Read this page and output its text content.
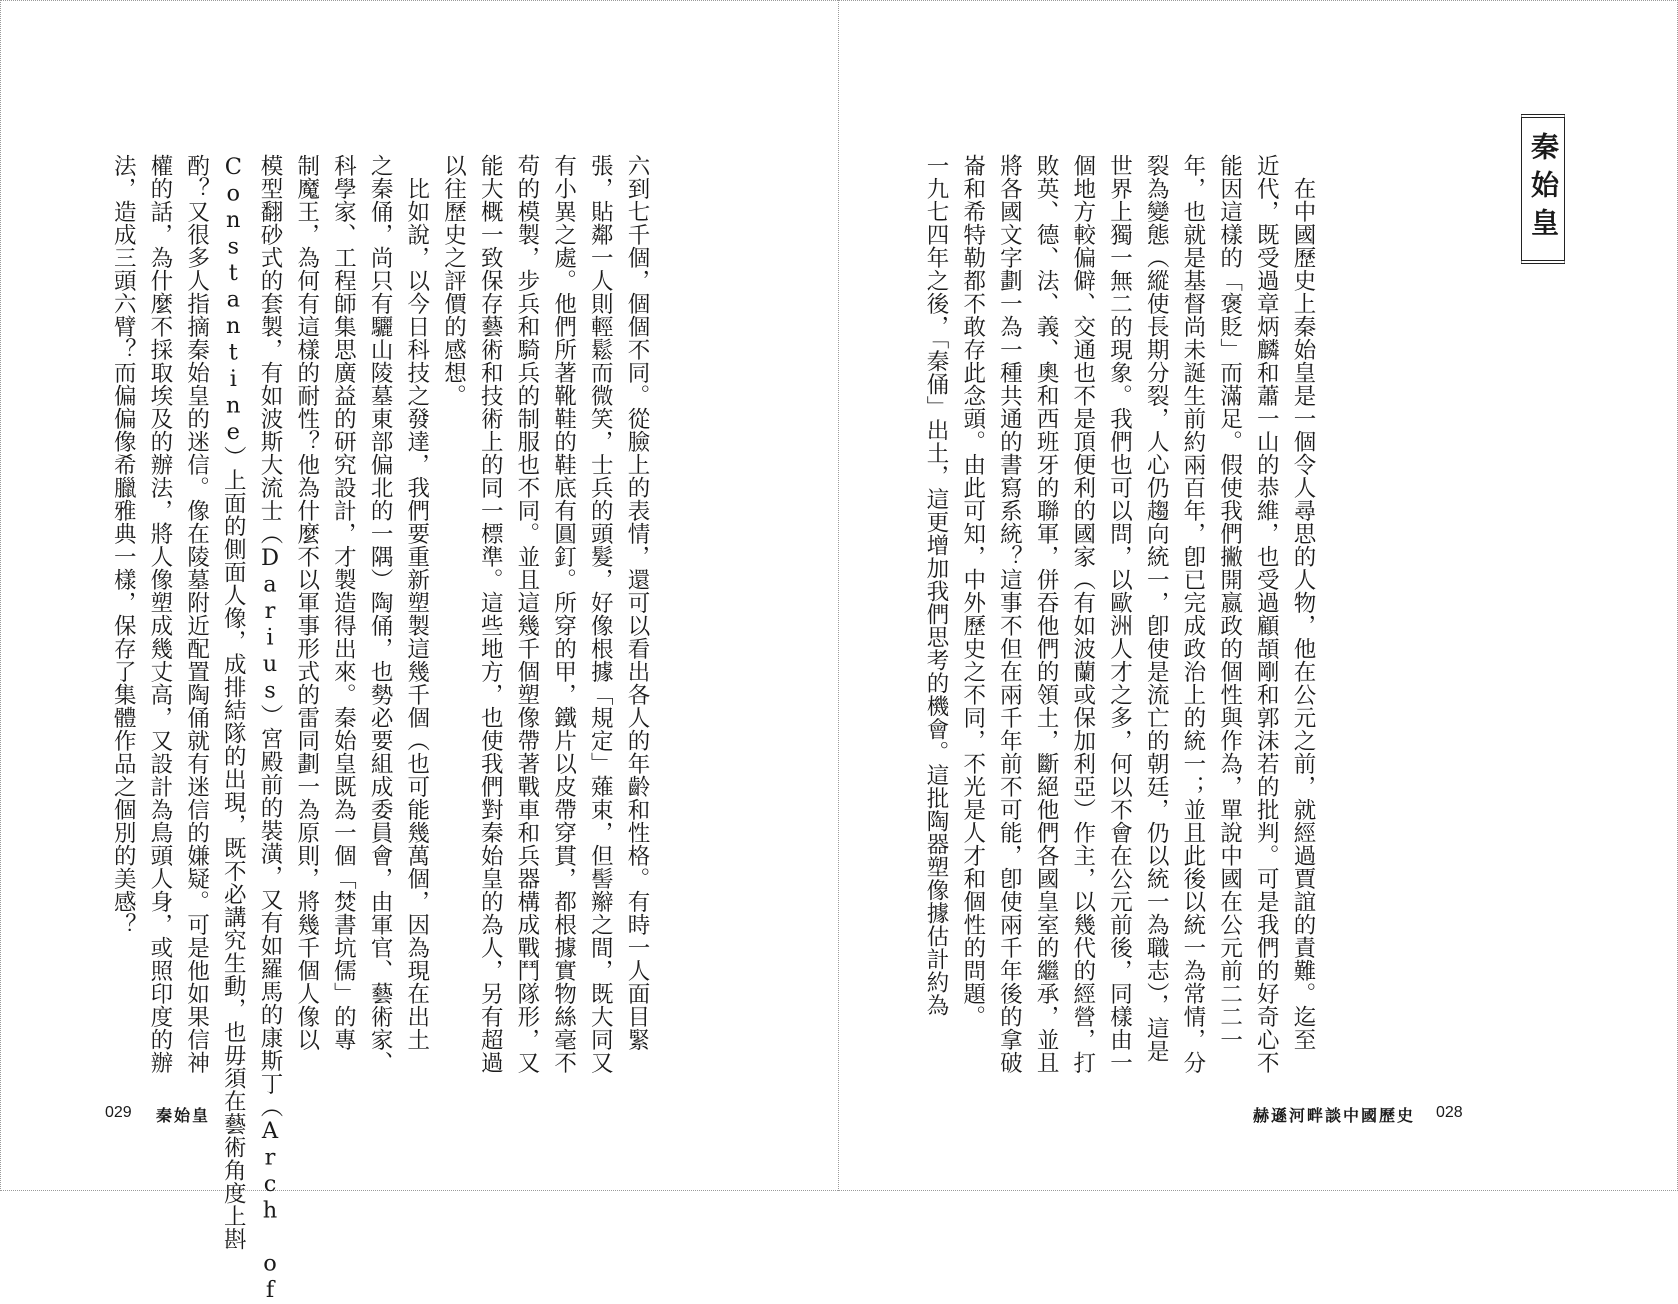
秦始皇
　在中國歷史上秦始皇是一個令人尋思的人物，他在公元之前，就經過賈誼的責難。迄至
近代，既受過章炳麟和蕭一山的恭維，也受過顧頡剛和郭沫若的批判。可是我們的好奇心不
能因這樣的「褒貶」而滿足。假使我們撇開嬴政的個性與作為，單說中國在公元前二二一
年，也就是基督尚未誕生前約兩百年，卽已完成政治上的統一；並且此後以統一為常情，分
裂為變態（縱使長期分裂，人心仍趨向統一，卽使是流亡的朝廷，仍以統一為職志），這是
世界上獨一無二的現象。我們也可以問，以歐洲人才之多，何以不會在公元前後，同樣由一
個地方較偏僻、交通也不是頂便利的國家（有如波蘭或保加利亞）作主，以幾代的經營，打
敗英、德、法、義、奧和西班牙的聯軍，併吞他們的領土，斷絕他們各國皇室的繼承，並且
將各國文字劃一為一種共通的書寫系統？這事不但在兩千年前不可能，卽使兩千年後的拿破
崙和希特勒都不敢存此念頭。由此可知，中外歷史之不同，不光是人才和個性的問題。
一九七四年之後，「秦俑」出土，這更增加我們思考的機會。這批陶器塑像據估計約為
六到七千個，個個不同。從臉上的表情，還可以看出各人的年齡和性格。有時一人面目緊
張，貼鄰一人則輕鬆而微笑，士兵的頭髮，好像根據「規定」薙束，但髻辮之間，既大同又
有小異之處。他們所著靴鞋的鞋底有圓釘。所穿的甲，鐵片以皮帶穿貫，都根據實物絲毫不
苟的模製，步兵和騎兵的制服也不同。並且這幾千個塑像帶著戰車和兵器構成戰鬥隊形，又
能大概一致保存藝術和技術上的同一標準。這些地方，也使我們對秦始皇的為人，另有超過
以往歷史之評價的感想。
　比如說，以今日科技之發達，我們要重新塑製這幾千個（也可能幾萬個，因為現在出土
之秦俑，尚只有驪山陵墓東部偏北的一隅）陶俑，也勢必要組成委員會，由軍官、藝術家、
科學家、工程師集思廣益的研究設計，才製造得出來。秦始皇既為一個「焚書坑儒」的專
制魔王，為何有這樣的耐性？他為什麼不以軍事形式的雷同劃一為原則，將幾千個人像以
模型翻砂式的套製，有如波斯大流士（Darius）宮殿前的裝潢，又有如羅馬的康斯丁（Arch of
Constantine）上面的側面人像，成排結隊的出現，既不必講究生動，也毋須在藝術角度上斟
酌？又很多人指摘秦始皇的迷信。像在陵墓附近配置陶俑就有迷信的嫌疑。可是他如果信神
權的話，為什麼不採取埃及的辦法，將人像塑成幾丈高，又設計為鳥頭人身，或照印度的辦
法，造成三頭六臂？而偏偏像希臘雅典一樣，保存了集體作品之個別的美感？
赫遜河畔談中國歷史 028
029 秦始皇
